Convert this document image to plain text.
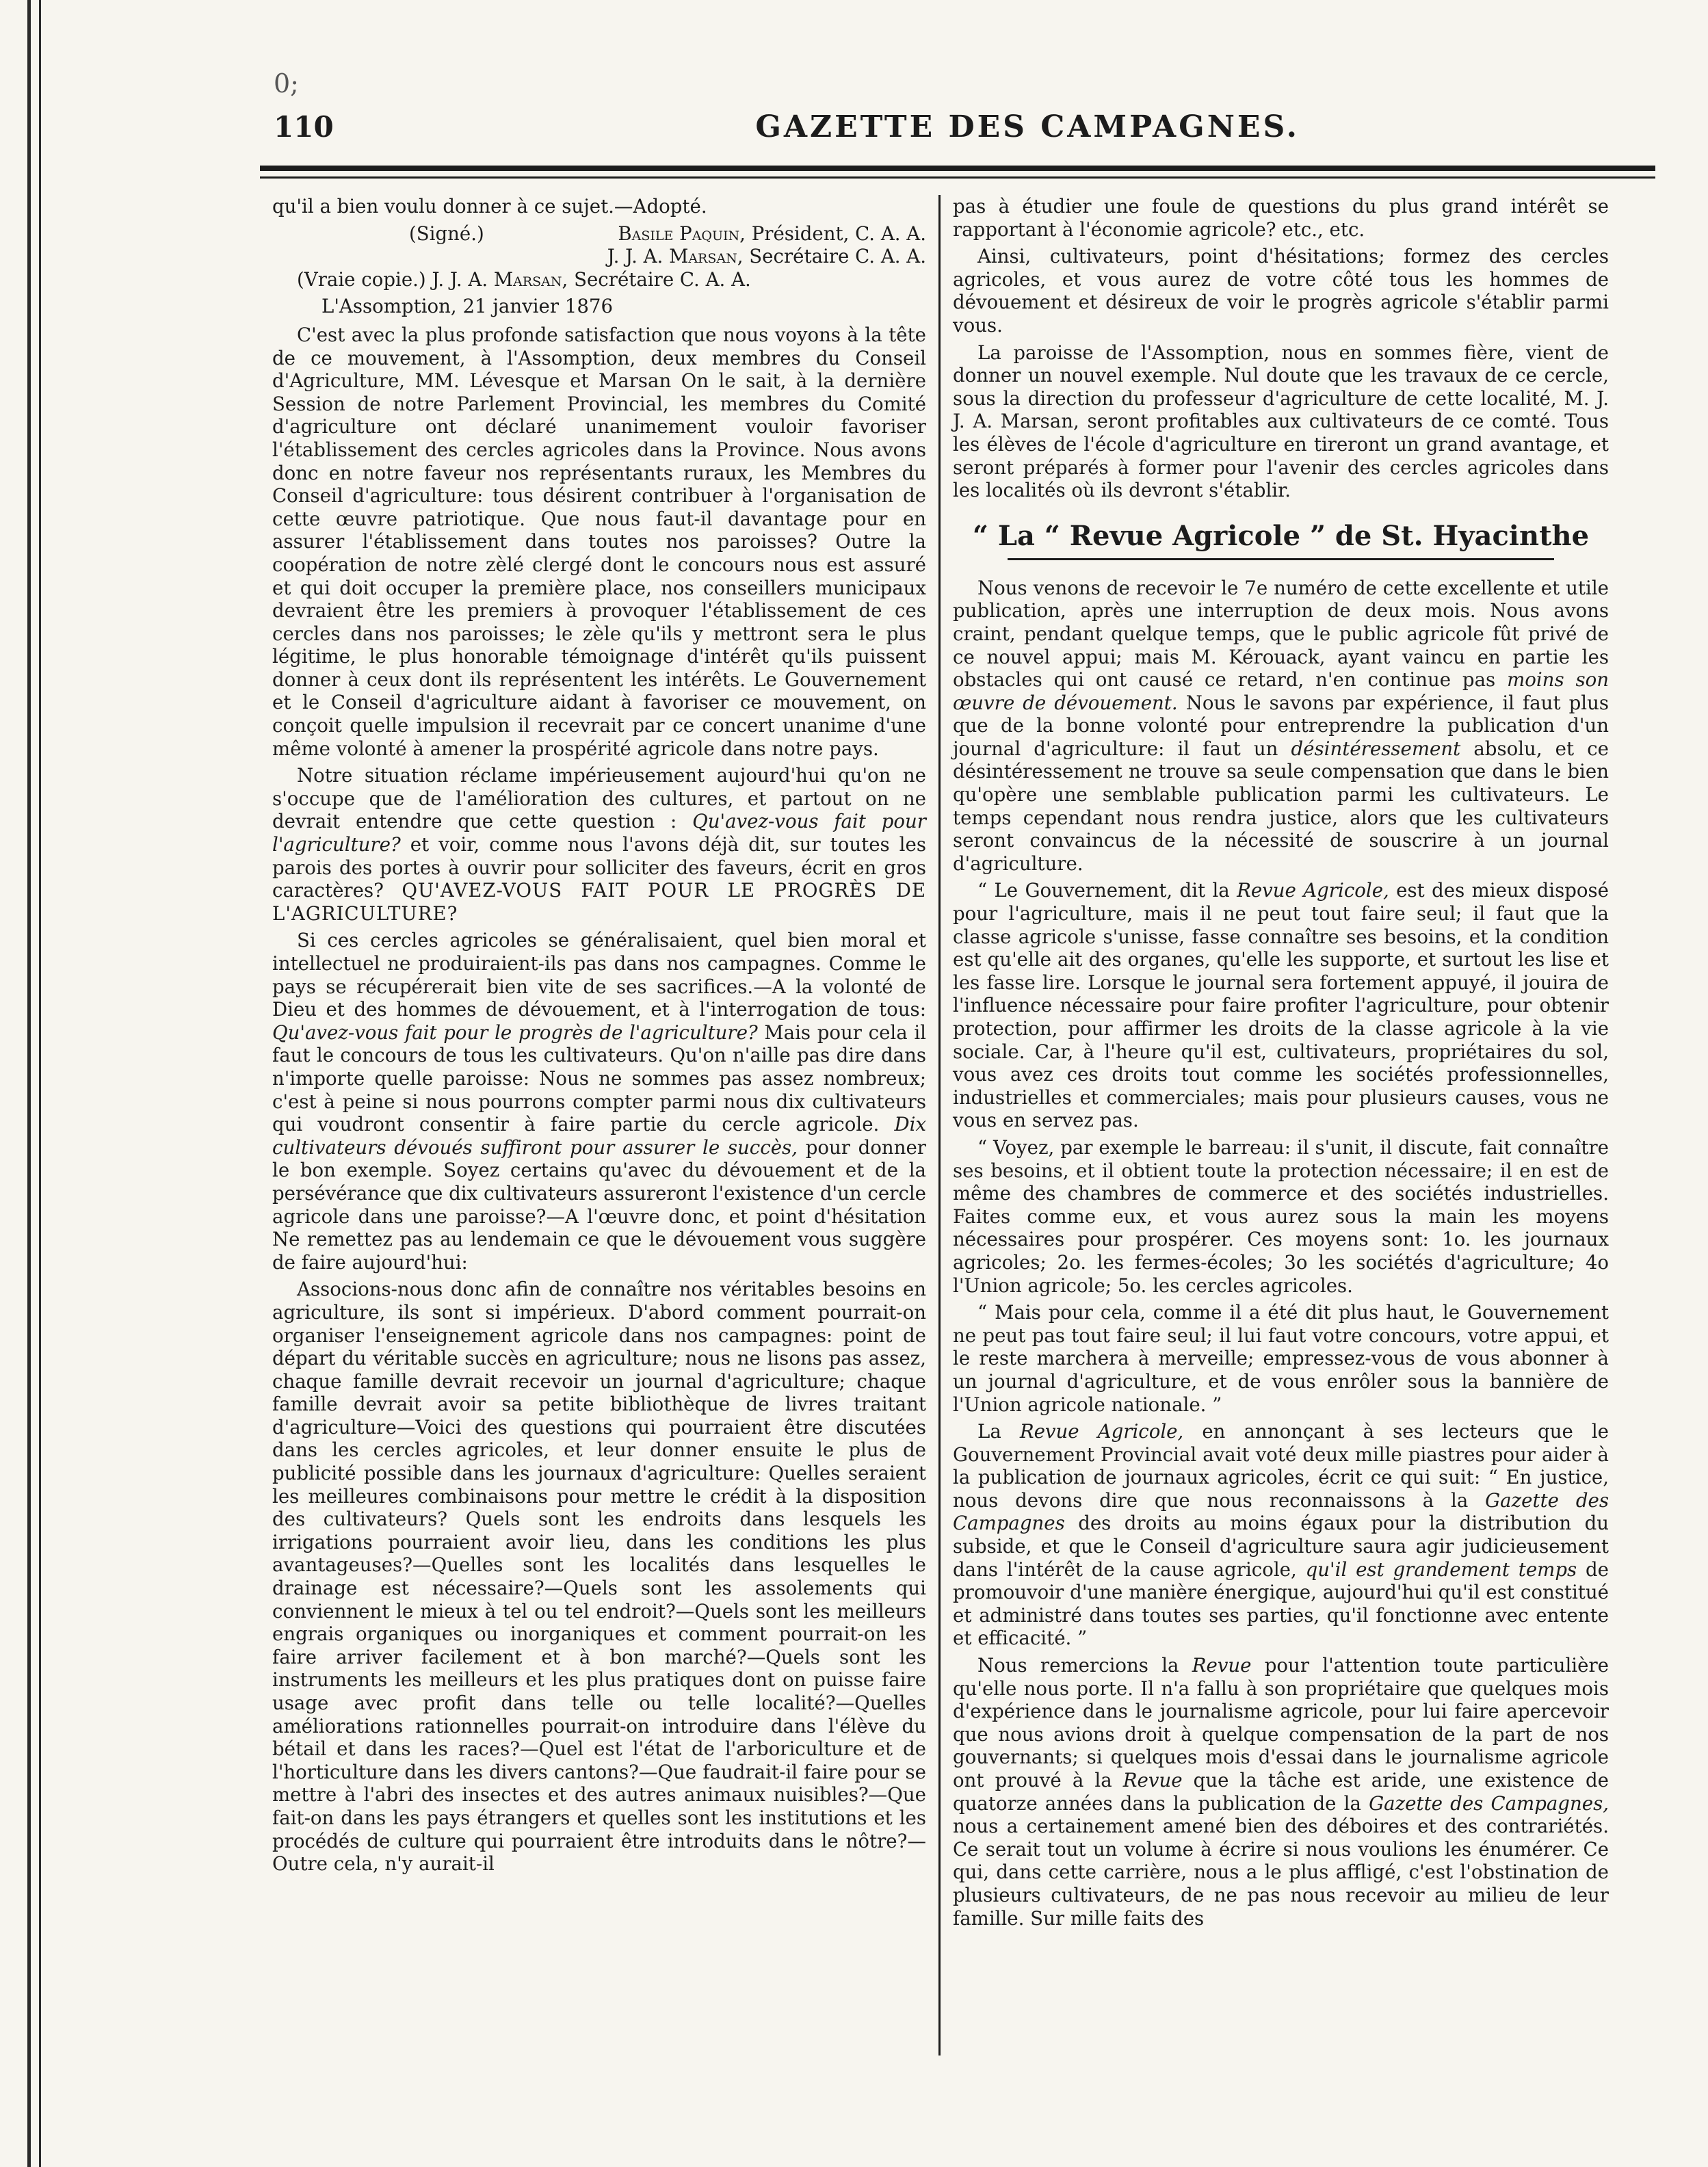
0;
110	GAZETTE DES CAMPAGNES.

qu'il a bien voulu donner à ce sujet.—Adopté.

(Signé.)	Basile Paquin, Président, C. A. A.
J. J. A. Marsan, Secrétaire C. A. A.

(Vraie copie.) J. J. A. Marsan, Secrétaire C. A. A.

L'Assomption, 21 janvier 1876

C'est avec la plus profonde satisfaction que nous voyons à la tête de ce mouvement, à l'Assomption, deux membres du Conseil d'Agriculture, MM. Lévesque et Marsan On le sait, à la dernière Session de notre Parlement Provincial, les membres du Comité d'agriculture ont déclaré unanimement vouloir favoriser l'établissement des cercles agricoles dans la Province. Nous avons donc en notre faveur nos représentants ruraux, les Membres du Conseil d'agriculture: tous désirent contribuer à l'organisation de cette œuvre patriotique. Que nous faut-il davantage pour en assurer l'établissement dans toutes nos paroisses? Outre la coopération de notre zèlé clergé dont le concours nous est assuré et qui doit occuper la première place, nos conseillers municipaux devraient être les premiers à provoquer l'établissement de ces cercles dans nos paroisses; le zèle qu'ils y mettront sera le plus légitime, le plus honorable témoignage d'intérêt qu'ils puissent donner à ceux dont ils représentent les intérêts. Le Gouvernement et le Conseil d'agriculture aidant à favoriser ce mouvement, on conçoit quelle impulsion il recevrait par ce concert unanime d'une même volonté à amener la prospérité agricole dans notre pays.

Notre situation réclame impérieusement aujourd'hui qu'on ne s'occupe que de l'amélioration des cultures, et partout on ne devrait entendre que cette question : Qu'avez-vous fait pour l'agriculture? et voir, comme nous l'avons déjà dit, sur toutes les parois des portes à ouvrir pour solliciter des faveurs, écrit en gros caractères? QU'AVEZ-VOUS FAIT POUR LE PROGRÈS DE L'AGRICULTURE?

Si ces cercles agricoles se généralisaient, quel bien moral et intellectuel ne produiraient-ils pas dans nos campagnes. Comme le pays se récupérerait bien vite de ses sacrifices.—A la volonté de Dieu et des hommes de dévouement, et à l'interrogation de tous: Qu'avez-vous fait pour le progrès de l'agriculture? Mais pour cela il faut le concours de tous les cultivateurs. Qu'on n'aille pas dire dans n'importe quelle paroisse: Nous ne sommes pas assez nombreux; c'est à peine si nous pourrons compter parmi nous dix cultivateurs qui voudront consentir à faire partie du cercle agricole. Dix cultivateurs dévoués suffiront pour assurer le succès, pour donner le bon exemple. Soyez certains qu'avec du dévouement et de la persévérance que dix cultivateurs assureront l'existence d'un cercle agricole dans une paroisse?—A l'œuvre donc, et point d'hésitation Ne remettez pas au lendemain ce que le dévouement vous suggère de faire aujourd'hui:

Associons-nous donc afin de connaître nos véritables besoins en agriculture, ils sont si impérieux. D'abord comment pourrait-on organiser l'enseignement agricole dans nos campagnes: point de départ du véritable succès en agriculture; nous ne lisons pas assez, chaque famille devrait recevoir un journal d'agriculture; chaque famille devrait avoir sa petite bibliothèque de livres traitant d'agriculture—Voici des questions qui pourraient être discutées dans les cercles agricoles, et leur donner ensuite le plus de publicité possible dans les journaux d'agriculture: Quelles seraient les meilleures combinaisons pour mettre le crédit à la disposition des cultivateurs? Quels sont les endroits dans lesquels les irrigations pourraient avoir lieu, dans les conditions les plus avantageuses?—Quelles sont les localités dans lesquelles le drainage est nécessaire?—Quels sont les assolements qui conviennent le mieux à tel ou tel endroit?—Quels sont les meilleurs engrais organiques ou inorganiques et comment pourrait-on les faire arriver facilement et à bon marché?—Quels sont les instruments les meilleurs et les plus pratiques dont on puisse faire usage avec profit dans telle ou telle localité?—Quelles améliorations rationnelles pourrait-on introduire dans l'élève du bétail et dans les races?—Quel est l'état de l'arboriculture et de l'horticulture dans les divers cantons?—Que faudrait-il faire pour se mettre à l'abri des insectes et des autres animaux nuisibles?—Que fait-on dans les pays étrangers et quelles sont les institutions et les procédés de culture qui pourraient être introduits dans le nôtre?—Outre cela, n'y aurait-il

pas à étudier une foule de questions du plus grand intérêt se rapportant à l'économie agricole? etc., etc.

Ainsi, cultivateurs, point d'hésitations; formez des cercles agricoles, et vous aurez de votre côté tous les hommes de dévouement et désireux de voir le progrès agricole s'établir parmi vous.

La paroisse de l'Assomption, nous en sommes fière, vient de donner un nouvel exemple. Nul doute que les travaux de ce cercle, sous la direction du professeur d'agriculture de cette localité, M. J. J. A. Marsan, seront profitables aux cultivateurs de ce comté. Tous les élèves de l'école d'agriculture en tireront un grand avantage, et seront préparés à former pour l'avenir des cercles agricoles dans les localités où ils devront s'établir.

“ La “ Revue Agricole ” de St. Hyacinthe

Nous venons de recevoir le 7e numéro de cette excellente et utile publication, après une interruption de deux mois. Nous avons craint, pendant quelque temps, que le public agricole fût privé de ce nouvel appui; mais M. Kérouack, ayant vaincu en partie les obstacles qui ont causé ce retard, n'en continue pas moins son œuvre de dévouement. Nous le savons par expérience, il faut plus que de la bonne volonté pour entreprendre la publication d'un journal d'agriculture: il faut un désintéressement absolu, et ce désintéressement ne trouve sa seule compensation que dans le bien qu'opère une semblable publication parmi les cultivateurs. Le temps cependant nous rendra justice, alors que les cultivateurs seront convaincus de la nécessité de souscrire à un journal d'agriculture.

“ Le Gouvernement, dit la Revue Agricole, est des mieux disposé pour l'agriculture, mais il ne peut tout faire seul; il faut que la classe agricole s'unisse, fasse connaître ses besoins, et la condition est qu'elle ait des organes, qu'elle les supporte, et surtout les lise et les fasse lire. Lorsque le journal sera fortement appuyé, il jouira de l'influence nécessaire pour faire profiter l'agriculture, pour obtenir protection, pour affirmer les droits de la classe agricole à la vie sociale. Car, à l'heure qu'il est, cultivateurs, propriétaires du sol, vous avez ces droits tout comme les sociétés professionnelles, industrielles et commerciales; mais pour plusieurs causes, vous ne vous en servez pas.

“ Voyez, par exemple le barreau: il s'unit, il discute, fait connaître ses besoins, et il obtient toute la protection nécessaire; il en est de même des chambres de commerce et des sociétés industrielles. Faites comme eux, et vous aurez sous la main les moyens nécessaires pour prospérer. Ces moyens sont: 1o. les journaux agricoles; 2o. les fermes-écoles; 3o les sociétés d'agriculture; 4o l'Union agricole; 5o. les cercles agricoles.

“ Mais pour cela, comme il a été dit plus haut, le Gouvernement ne peut pas tout faire seul; il lui faut votre concours, votre appui, et le reste marchera à merveille; empressez-vous de vous abonner à un journal d'agriculture, et de vous enrôler sous la bannière de l'Union agricole nationale. ”

La Revue Agricole, en annonçant à ses lecteurs que le Gouvernement Provincial avait voté deux mille piastres pour aider à la publication de journaux agricoles, écrit ce qui suit: “ En justice, nous devons dire que nous reconnaissons à la Gazette des Campagnes des droits au moins égaux pour la distribution du subside, et que le Conseil d'agriculture saura agir judicieusement dans l'intérêt de la cause agricole, qu'il est grandement temps de promouvoir d'une manière énergique, aujourd'hui qu'il est constitué et administré dans toutes ses parties, qu'il fonctionne avec entente et efficacité. ”

Nous remercions la Revue pour l'attention toute particulière qu'elle nous porte. Il n'a fallu à son propriétaire que quelques mois d'expérience dans le journalisme agricole, pour lui faire apercevoir que nous avions droit à quelque compensation de la part de nos gouvernants; si quelques mois d'essai dans le journalisme agricole ont prouvé à la Revue que la tâche est aride, une existence de quatorze années dans la publication de la Gazette des Campagnes, nous a certainement amené bien des déboires et des contrariétés. Ce serait tout un volume à écrire si nous voulions les énumérer. Ce qui, dans cette carrière, nous a le plus affligé, c'est l'obstination de plusieurs cultivateurs, de ne pas nous recevoir au milieu de leur famille. Sur mille faits des
